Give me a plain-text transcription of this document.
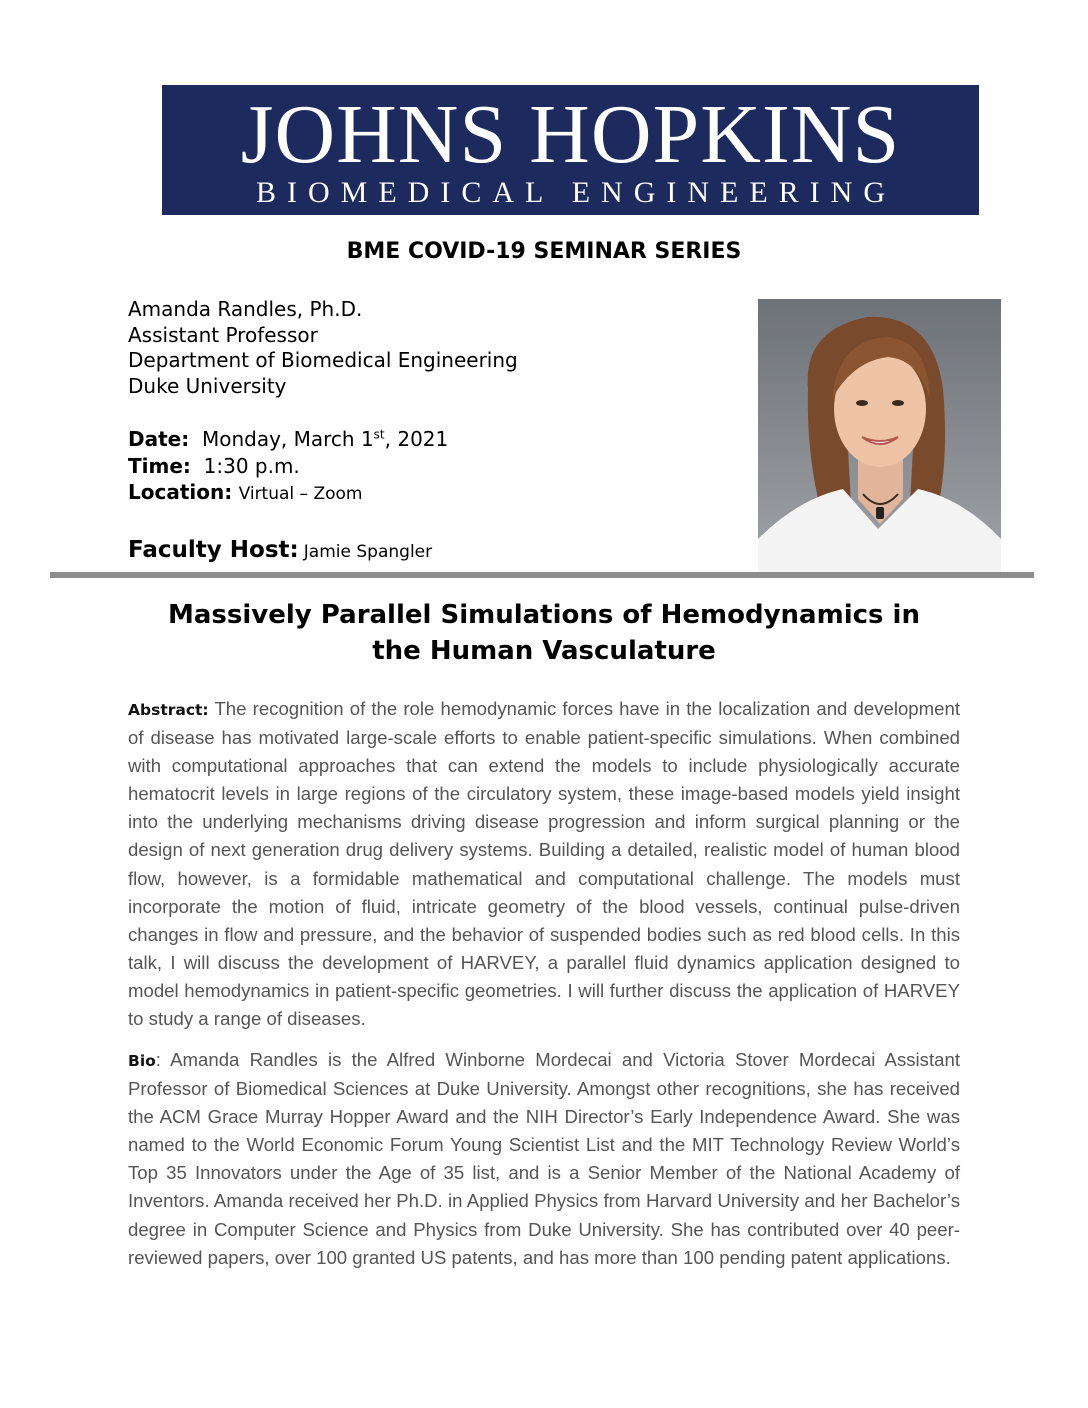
JOHNS HOPKINS
BIOMEDICAL ENGINEERING
BME COVID-19 SEMINAR SERIES
Amanda Randles, Ph.D.
Assistant Professor
Department of Biomedical Engineering
Duke University
Date: Monday, March 1st, 2021
Time: 1:30 p.m.
Location: Virtual – Zoom
Faculty Host: Jamie Spangler
Massively Parallel Simulations of Hemodynamics in
the Human Vasculature
Abstract: The recognition of the role hemodynamic forces have in the localization and development of disease has motivated large-scale efforts to enable patient-specific simulations. When combined with computational approaches that can extend the models to include physiologically accurate hematocrit levels in large regions of the circulatory system, these image-based models yield insight into the underlying mechanisms driving disease progression and inform surgical planning or the design of next generation drug delivery systems. Building a detailed, realistic model of human blood flow, however, is a formidable mathematical and computational challenge. The models must incorporate the motion of fluid, intricate geometry of the blood vessels, continual pulse-driven changes in flow and pressure, and the behavior of suspended bodies such as red blood cells. In this talk, I will discuss the development of HARVEY, a parallel fluid dynamics application designed to model hemodynamics in patient-specific geometries. I will further discuss the application of HARVEY to study a range of diseases.
Bio: Amanda Randles is the Alfred Winborne Mordecai and Victoria Stover Mordecai Assistant Professor of Biomedical Sciences at Duke University. Amongst other recognitions, she has received the ACM Grace Murray Hopper Award and the NIH Director’s Early Independence Award. She was named to the World Economic Forum Young Scientist List and the MIT Technology Review World’s Top 35 Innovators under the Age of 35 list, and is a Senior Member of the National Academy of Inventors. Amanda received her Ph.D. in Applied Physics from Harvard University and her Bachelor’s degree in Computer Science and Physics from Duke University. She has contributed over 40 peer-reviewed papers, over 100 granted US patents, and has more than 100 pending patent applications.
